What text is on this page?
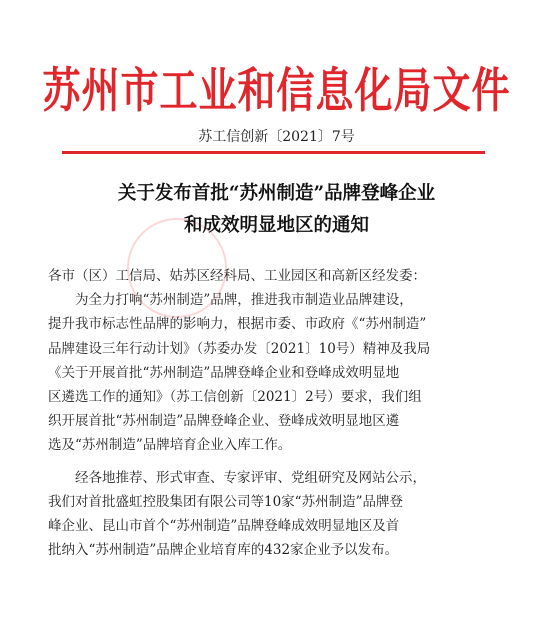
苏州市工业和信息化局文件
苏工信创新〔2021〕7号
关于发布首批“苏州制造”品牌登峰企业
和成效明显地区的通知

各市（区）工信局、姑苏区经科局、工业园区和高新区经发委：

为全力打响“苏州制造”品牌，推进我市制造业品牌建设，

提升我市标志性品牌的影响力，根据市委、市政府《“苏州制造”

品牌建设三年行动计划》（苏委办发〔2021〕10号）精神及我局

《关于开展首批“苏州制造”品牌登峰企业和登峰成效明显地

区遴选工作的通知》（苏工信创新〔2021〕2号）要求，我们组

织开展首批“苏州制造”品牌登峰企业、登峰成效明显地区遴

选及“苏州制造”品牌培育企业入库工作。

经各地推荐、形式审查、专家评审、党组研究及网站公示，

我们对首批盛虹控股集团有限公司等10家“苏州制造”品牌登

峰企业、昆山市首个“苏州制造”品牌登峰成效明显地区及首

批纳入“苏州制造”品牌企业培育库的432家企业予以发布。
